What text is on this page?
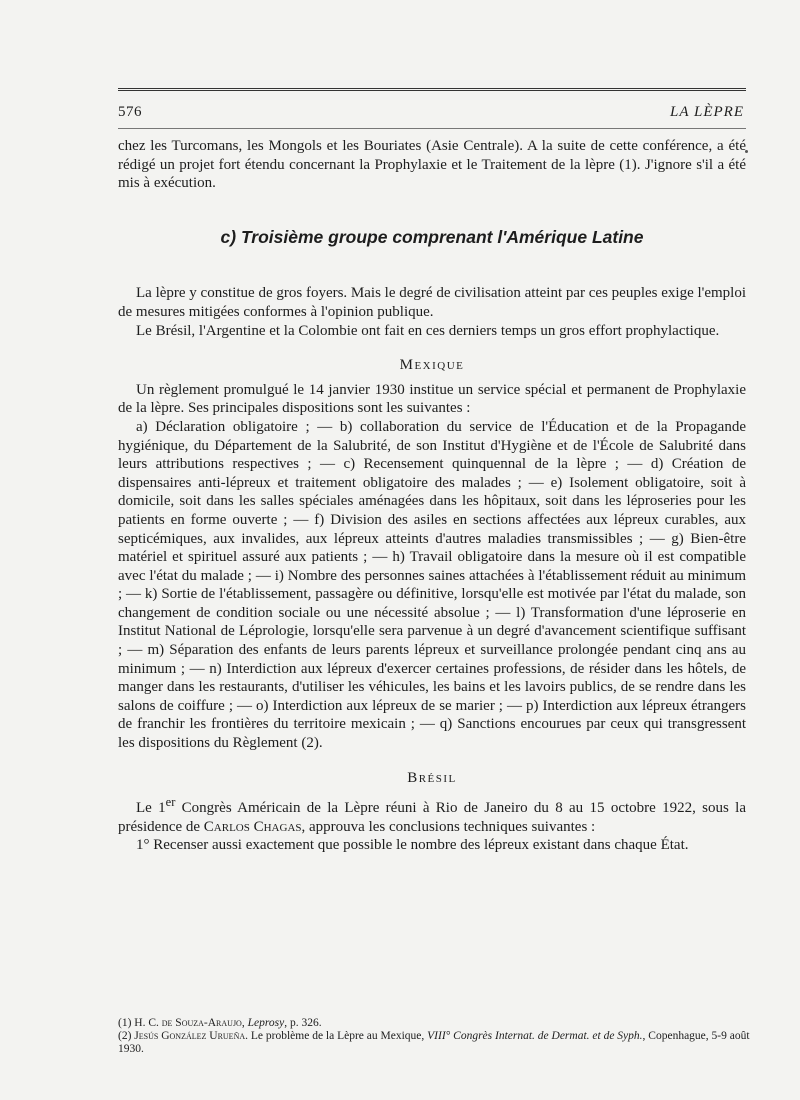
576	LA LÈPRE

chez les Turcomans, les Mongols et les Bouriates (Asie Centrale). A la suite de cette conférence, a été rédigé un projet fort étendu concernant la Prophylaxie et le Traitement de la lèpre (1). J'ignore s'il a été mis à exécution.

c) Troisième groupe comprenant l'Amérique Latine

La lèpre y constitue de gros foyers. Mais le degré de civilisation atteint par ces peuples exige l'emploi de mesures mitigées conformes à l'opinion publique.

Le Brésil, l'Argentine et la Colombie ont fait en ces derniers temps un gros effort prophylactique.

Mexique

Un règlement promulgué le 14 janvier 1930 institue un service spécial et permanent de Prophylaxie de la lèpre. Ses principales dispositions sont les suivantes :

a) Déclaration obligatoire ; — b) collaboration du service de l'Éducation et de la Propagande hygiénique, du Département de la Salubrité, de son Institut d'Hygiène et de l'École de Salubrité dans leurs attributions respectives ; — c) Recensement quinquennal de la lèpre ; — d) Création de dispensaires anti-lépreux et traitement obligatoire des malades ; — e) Isolement obligatoire, soit à domicile, soit dans les salles spéciales aménagées dans les hôpitaux, soit dans les léproseries pour les patients en forme ouverte ; — f) Division des asiles en sections affectées aux lépreux curables, aux septicémiques, aux invalides, aux lépreux atteints d'autres maladies transmissibles ; — g) Bien-être matériel et spirituel assuré aux patients ; — h) Travail obligatoire dans la mesure où il est compatible avec l'état du malade ; — i) Nombre des personnes saines attachées à l'établissement réduit au minimum ; — k) Sortie de l'établissement, passagère ou définitive, lorsqu'elle est motivée par l'état du malade, son changement de condition sociale ou une nécessité absolue ; — l) Transformation d'une léproserie en Institut National de Léprologie, lorsqu'elle sera parvenue à un degré d'avancement scientifique suffisant ; — m) Séparation des enfants de leurs parents lépreux et surveillance prolongée pendant cinq ans au minimum ; — n) Interdiction aux lépreux d'exercer certaines professions, de résider dans les hôtels, de manger dans les restaurants, d'utiliser les véhicules, les bains et les lavoirs publics, de se rendre dans les salons de coiffure ; — o) Interdiction aux lépreux de se marier ; — p) Interdiction aux lépreux étrangers de franchir les frontières du territoire mexicain ; — q) Sanctions encourues par ceux qui transgressent les dispositions du Règlement (2).

Brésil

Le 1er Congrès Américain de la Lèpre réuni à Rio de Janeiro du 8 au 15 octobre 1922, sous la présidence de Carlos Chagas, approuva les conclusions techniques suivantes :

1° Recenser aussi exactement que possible le nombre des lépreux existant dans chaque État.

(1) H. C. de Souza-Araujo, Leprosy, p. 326.

(2) Jesús González Urueña. Le problème de la Lèpre au Mexique, VIII° Congrès Internat. de Dermat. et de Syph., Copenhague, 5-9 août 1930.
